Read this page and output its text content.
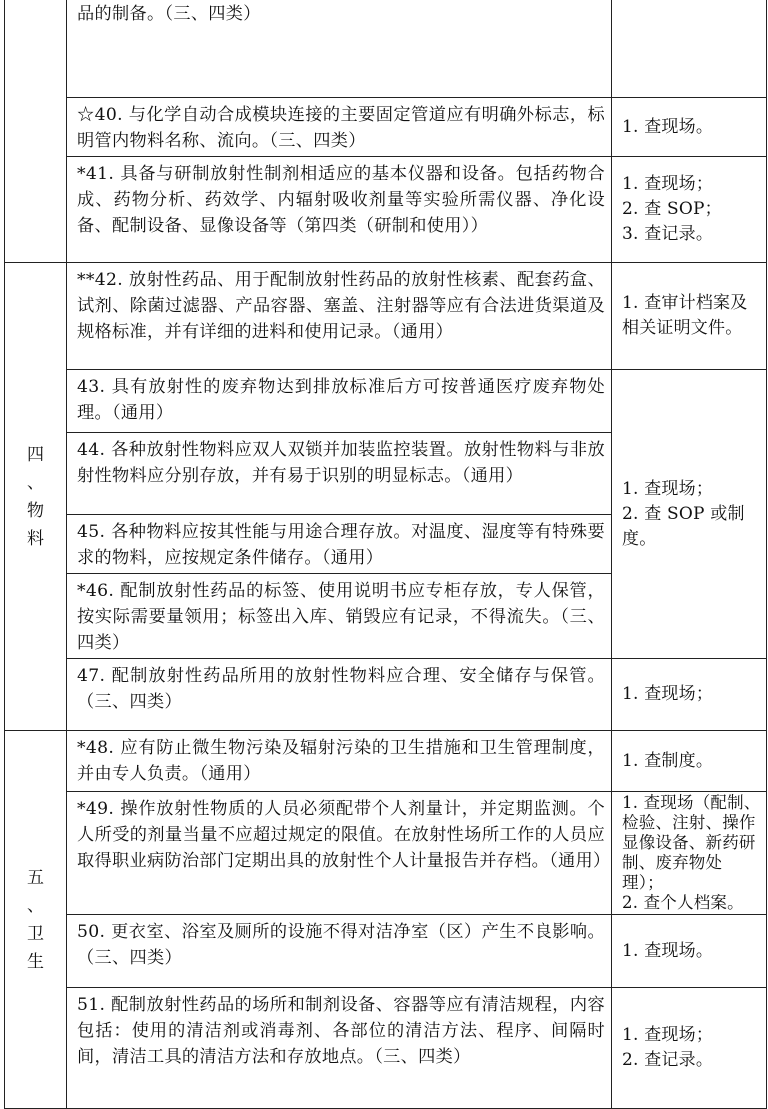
	品的制备。（三、四类）	
	☆40. 与化学自动合成模块连接的主要固定管道应有明确外标志，标明管内物料名称、流向。（三、四类）	1. 查现场。
	*41. 具备与研制放射性制剂相适应的基本仪器和设备。包括药物合成、药物分析、药效学、内辐射吸收剂量等实验所需仪器、净化设备、配制设备、显像设备等（第四类（研制和使用））	1. 查现场；
2. 查 SOP；
3. 查记录。

四
、
物
料	**42. 放射性药品、用于配制放射性药品的放射性核素、配套药盒、试剂、除菌过滤器、产品容器、塞盖、注射器等应有合法进货渠道及规格标准，并有详细的进料和使用记录。（通用）	1. 查审计档案及相关证明文件。
	43. 具有放射性的废弃物达到排放标准后方可按普通医疗废弃物处理。（通用）	1. 查现场；
2. 查 SOP 或制度。
	44. 各种放射性物料应双人双锁并加装监控装置。放射性物料与非放射性物料应分别存放，并有易于识别的明显标志。（通用）	
	45. 各种物料应按其性能与用途合理存放。对温度、湿度等有特殊要求的物料，应按规定条件储存。（通用）	
	*46. 配制放射性药品的标签、使用说明书应专柜存放，专人保管，按实际需要量领用；标签出入库、销毁应有记录，不得流失。（三、四类）	
	47. 配制放射性药品所用的放射性物料应合理、安全储存与保管。（三、四类）	1. 查现场；

五
、
卫
生	*48. 应有防止微生物污染及辐射污染的卫生措施和卫生管理制度，并由专人负责。（通用）	1. 查制度。
	*49. 操作放射性物质的人员必须配带个人剂量计，并定期监测。个人所受的剂量当量不应超过规定的限值。在放射性场所工作的人员应取得职业病防治部门定期出具的放射性个人计量报告并存档。（通用）	1. 查现场（配制、检验、注射、操作显像设备、新药研制、废弃物处理）；
2. 查个人档案。
	50. 更衣室、浴室及厕所的设施不得对洁净室（区）产生不良影响。（三、四类）	1. 查现场。
	51. 配制放射性药品的场所和制剂设备、容器等应有清洁规程，内容包括：使用的清洁剂或消毒剂、各部位的清洁方法、程序、间隔时间，清洁工具的清洁方法和存放地点。（三、四类）	1. 查现场；
2. 查记录。
